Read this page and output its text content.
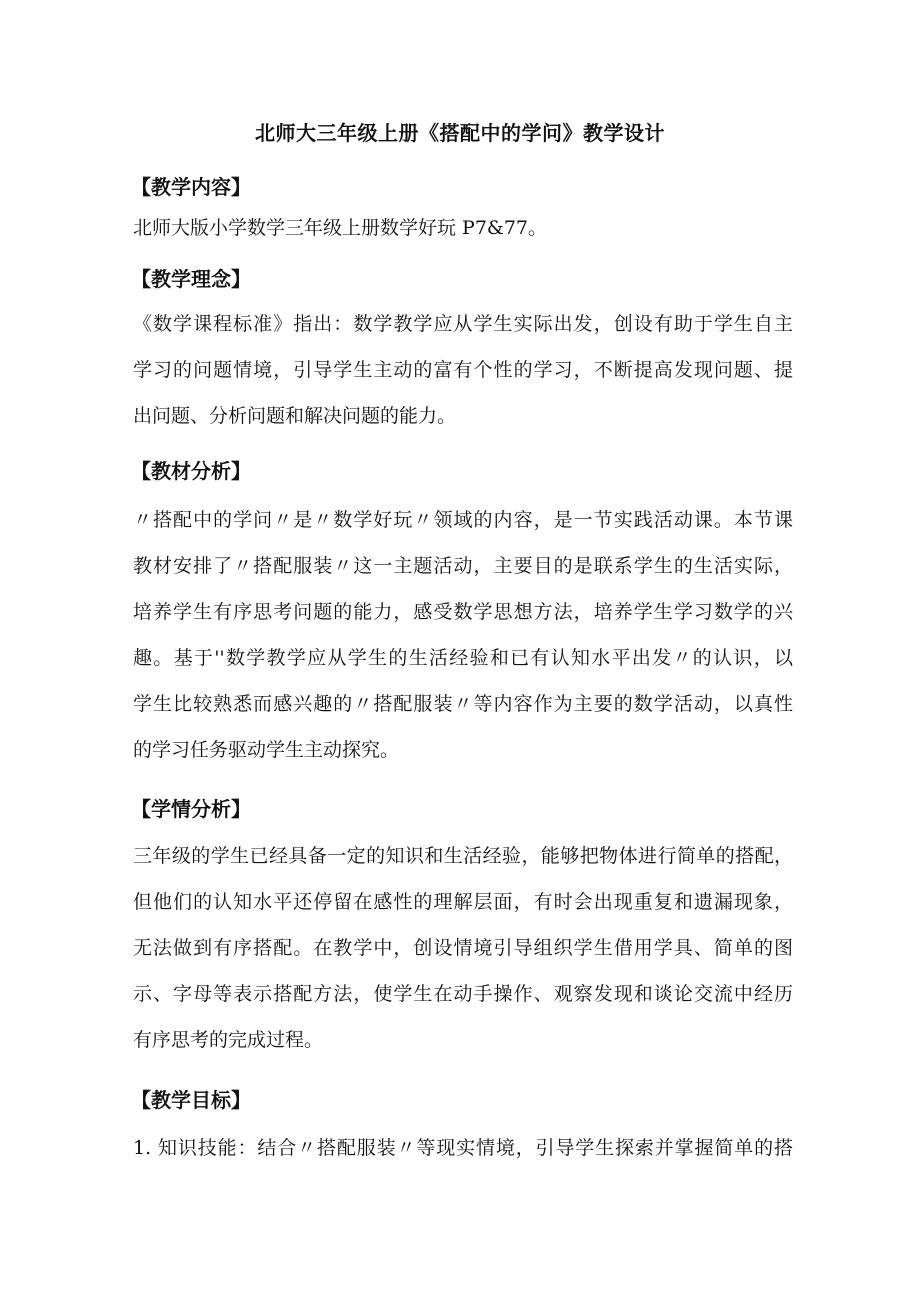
北师大三年级上册《搭配中的学问》教学设计
【教学内容】
北师大版小学数学三年级上册数学好玩 P7&77。
【教学理念】
《数学课程标准》指出：数学教学应从学生实际出发，创设有助于学生自主
学习的问题情境，引导学生主动的富有个性的学习，不断提高发现问题、提
出问题、分析问题和解决问题的能力。
【教材分析】
〃搭配中的学问〃是〃数学好玩〃领域的内容，是一节实践活动课。本节课
教材安排了〃搭配服装〃这一主题活动，主要目的是联系学生的生活实际，
培养学生有序思考问题的能力，感受数学思想方法，培养学生学习数学的兴
趣。基于''数学教学应从学生的生活经验和已有认知水平出发〃的认识，以
学生比较熟悉而感兴趣的〃搭配服装〃等内容作为主要的数学活动，以真性
的学习任务驱动学生主动探究。
【学情分析】
三年级的学生已经具备一定的知识和生活经验，能够把物体进行简单的搭配，
但他们的认知水平还停留在感性的理解层面，有时会出现重复和遗漏现象，
无法做到有序搭配。在教学中，创设情境引导组织学生借用学具、简单的图
示、字母等表示搭配方法，使学生在动手操作、观察发现和谈论交流中经历
有序思考的完成过程。
【教学目标】
1. 知识技能：结合〃搭配服装〃等现实情境，引导学生探索并掌握简单的搭
